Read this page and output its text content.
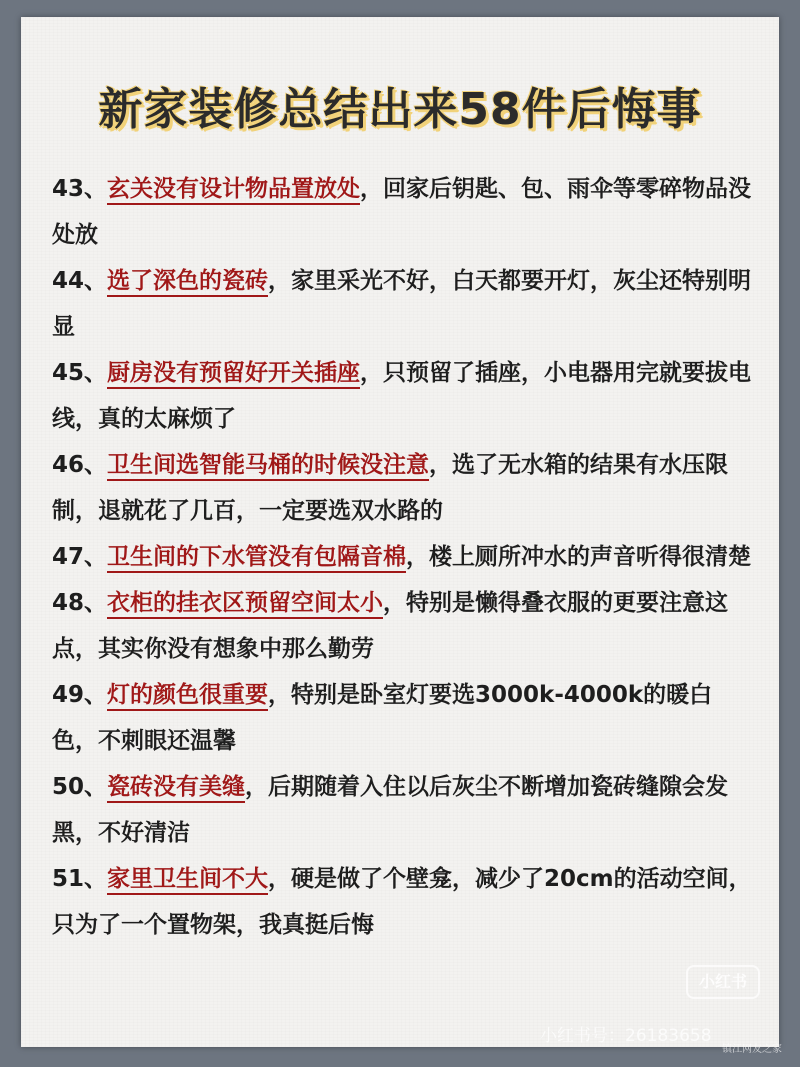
新家装修总结出来58件后悔事
43、玄关没有设计物品置放处，回家后钥匙、包、雨伞等零碎物品没处放
44、选了深色的瓷砖，家里采光不好，白天都要开灯，灰尘还特别明显
45、厨房没有预留好开关插座，只预留了插座，小电器用完就要拔电线，真的太麻烦了
46、卫生间选智能马桶的时候没注意，选了无水箱的结果有水压限制，退就花了几百，一定要选双水路的
47、卫生间的下水管没有包隔音棉，楼上厕所冲水的声音听得很清楚
48、衣柜的挂衣区预留空间太小，特别是懒得叠衣服的更要注意这点，其实你没有想象中那么勤劳
49、灯的颜色很重要，特别是卧室灯要选3000k-4000k的暖白色，不刺眼还温馨
50、瓷砖没有美缝，后期随着入住以后灰尘不断增加瓷砖缝隙会发黑，不好清洁
51、家里卫生间不大，硬是做了个壁龛，减少了20cm的活动空间，只为了一个置物架，我真挺后悔
小红书
小红书号：26183658
镇江网友之家
